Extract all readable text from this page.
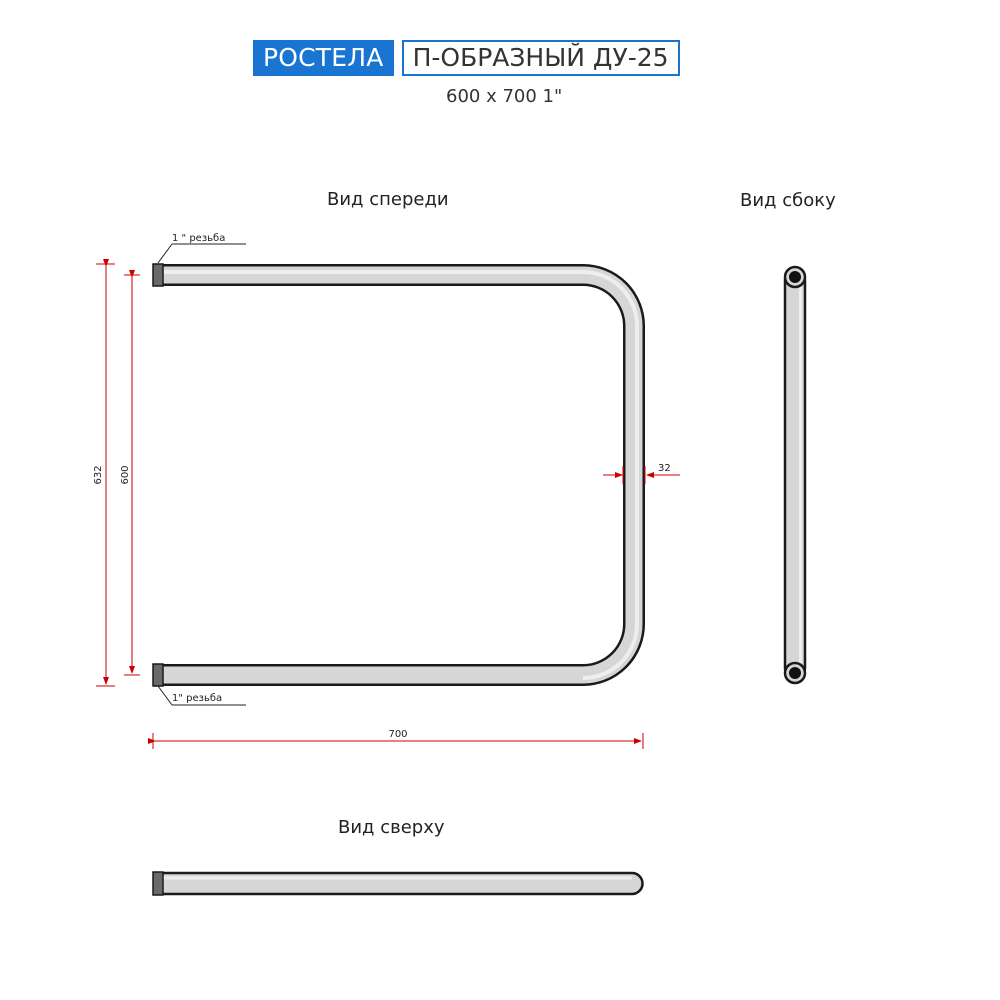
РОСТЕЛА	П-ОБРАЗНЫЙ ДУ-25
600 x 700 1"
Вид спереди	Вид сбоку
Вид сверху
1 " резьба
1" резьба
632 600	32
700
